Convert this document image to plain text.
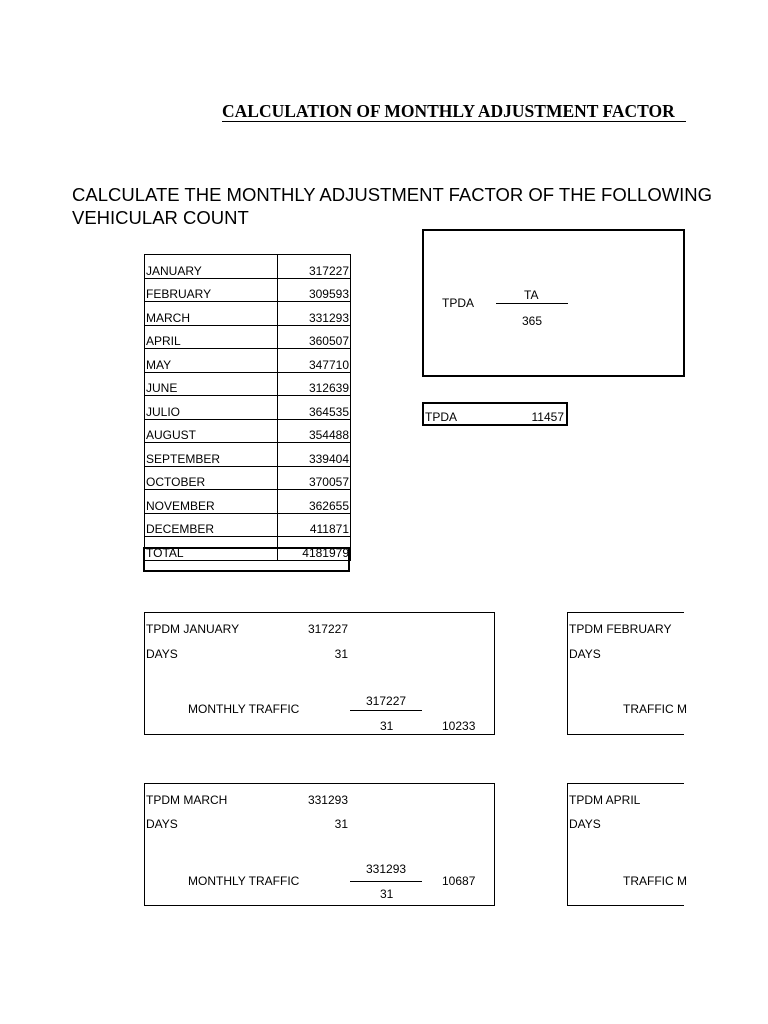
CALCULATION OF MONTHLY ADJUSTMENT FACTOR
CALCULATE THE MONTHLY ADJUSTMENT FACTOR OF THE FOLLOWING VEHICULAR COUNT
JANUARY	317227
FEBRUARY	309593
MARCH	331293
APRIL	360507
MAY	347710
JUNE	312639
JULIO	364535
AUGUST	354488
SEPTEMBER	339404
OCTOBER	370057
NOVEMBER	362655
DECEMBER	411871
TOTAL	4181979
TPDA
TA
365
TPDA	11457
TPDM JANUARY	317227
DAYS	31
MONTHLY TRAFFIC
317227
31	10233
TPDM FEBRUARY
DAYS
TRAFFIC M
TPDM MARCH	331293
DAYS	31
MONTHLY TRAFFIC
331293
31
10687
TPDM APRIL
DAYS
TRAFFIC M
